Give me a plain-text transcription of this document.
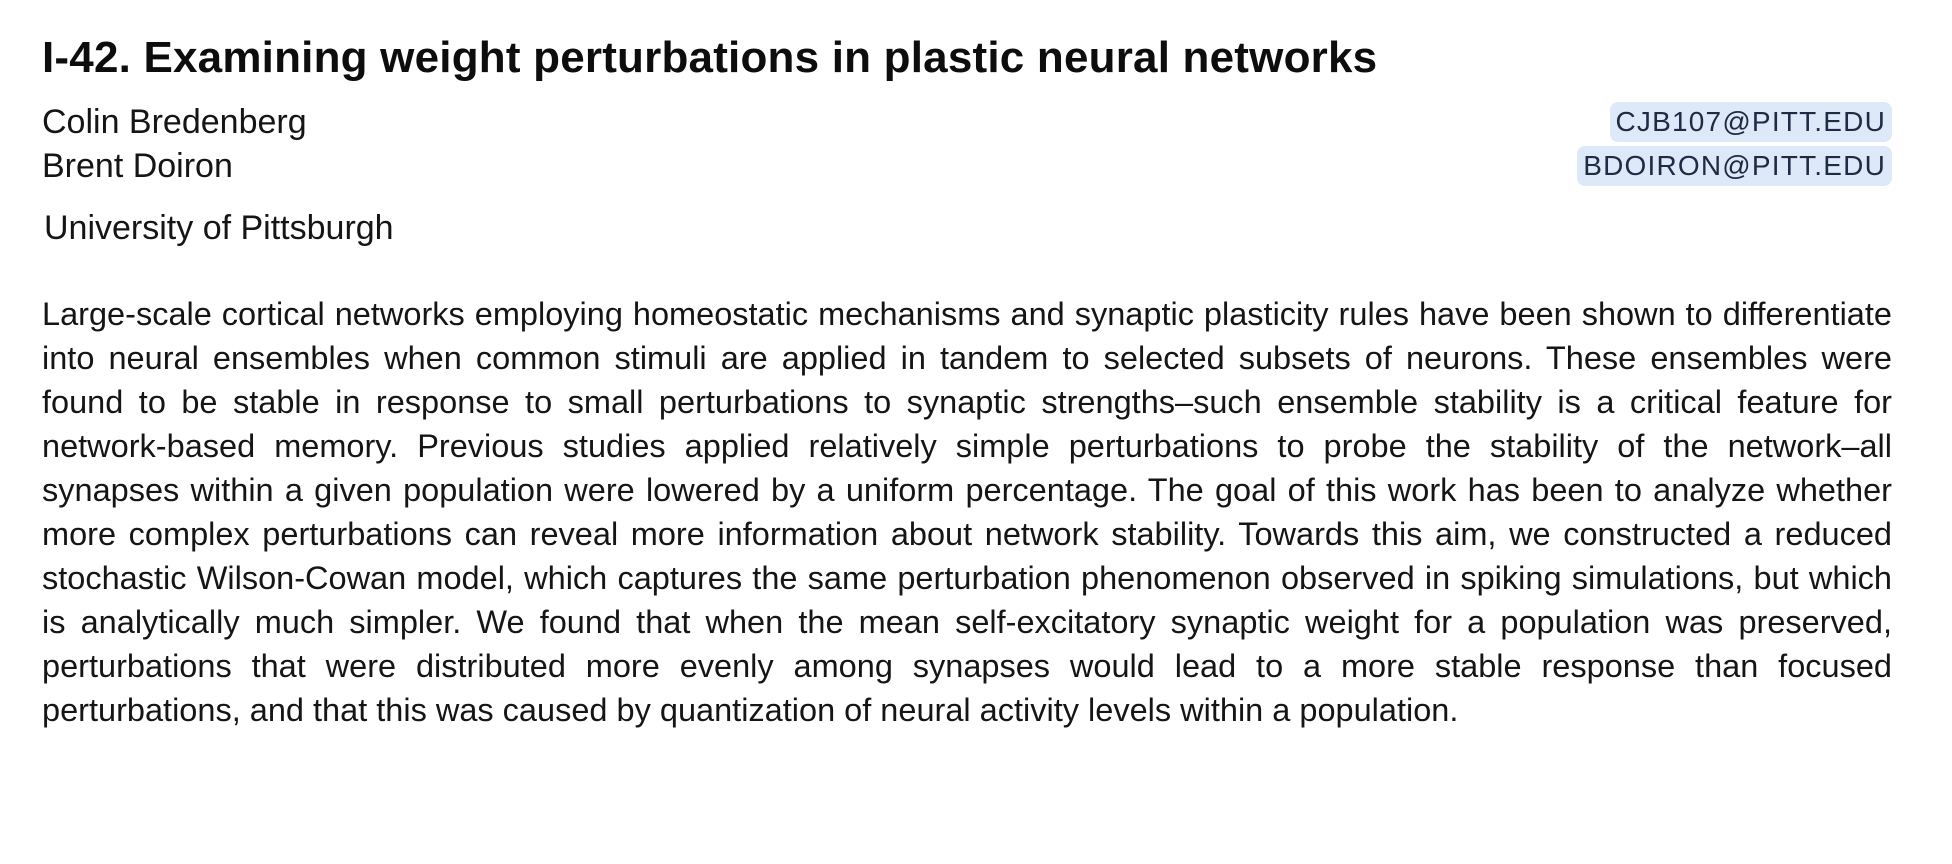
I-42. Examining weight perturbations in plastic neural networks
Colin Bredenberg	CJB107@PITT.EDU
Brent Doiron	BDOIRON@PITT.EDU
University of Pittsburgh

Large-scale cortical networks employing homeostatic mechanisms and synaptic plasticity rules have been shown to differentiate into neural ensembles when common stimuli are applied in tandem to selected subsets of neurons. These ensembles were found to be stable in response to small perturbations to synaptic strengths–such ensemble stability is a critical feature for network-based memory. Previous studies applied relatively simple perturbations to probe the stability of the network–all synapses within a given population were lowered by a uniform percentage. The goal of this work has been to analyze whether more complex perturbations can reveal more information about network stability. Towards this aim, we constructed a reduced stochastic Wilson-Cowan model, which captures the same perturbation phenomenon observed in spiking simulations, but which is analytically much simpler. We found that when the mean self-excitatory synaptic weight for a population was preserved, perturbations that were distributed more evenly among synapses would lead to a more stable response than focused perturbations, and that this was caused by quantization of neural activity levels within a population.
